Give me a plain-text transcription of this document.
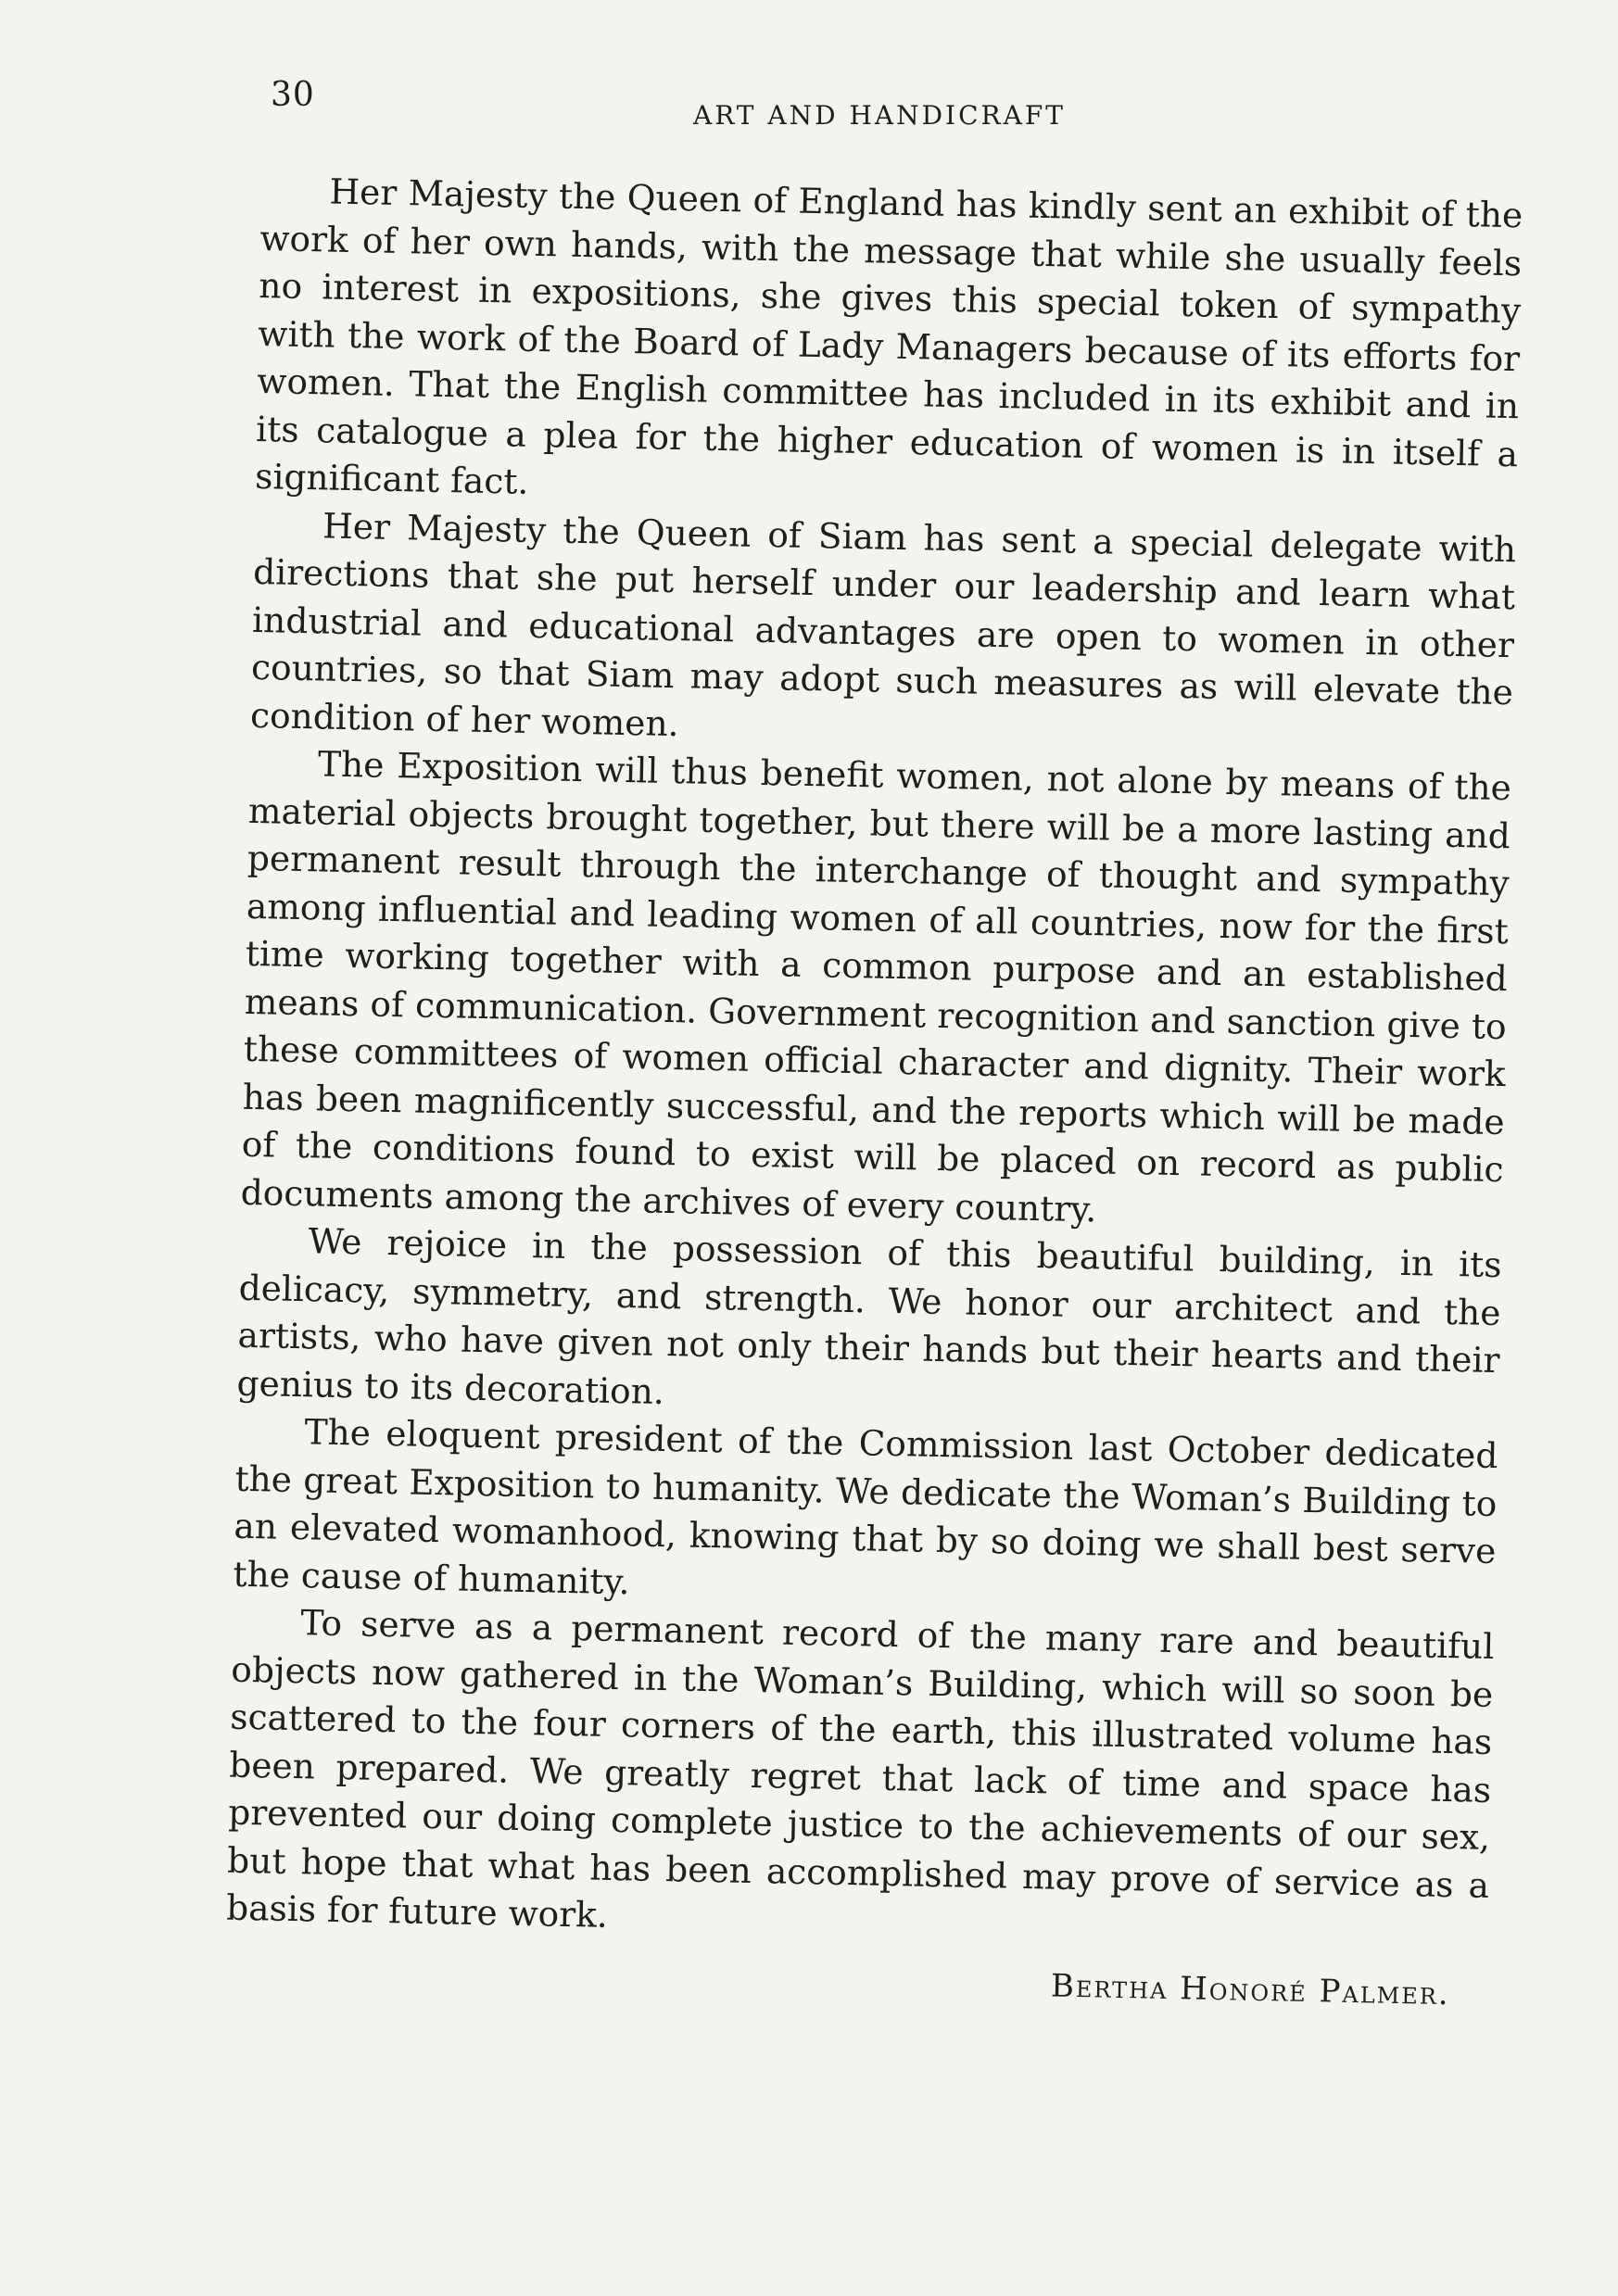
30
ART AND HANDICRAFT

Her Majesty the Queen of England has kindly sent an exhibit of the work of her own hands, with the message that while she usually feels no interest in expositions, she gives this special token of sympathy with the work of the Board of Lady Managers because of its efforts for women. That the English committee has included in its exhibit and in its catalogue a plea for the higher education of women is in itself a significant fact.

Her Majesty the Queen of Siam has sent a special delegate with directions that she put herself under our leadership and learn what industrial and educational advantages are open to women in other countries, so that Siam may adopt such measures as will elevate the condition of her women.

The Exposition will thus benefit women, not alone by means of the material objects brought together, but there will be a more lasting and permanent result through the interchange of thought and sympathy among influential and leading women of all countries, now for the first time working together with a common purpose and an established means of communication. Government recognition and sanction give to these committees of women official character and dignity. Their work has been magnificently successful, and the reports which will be made of the conditions found to exist will be placed on record as public documents among the archives of every country.

We rejoice in the possession of this beautiful building, in its delicacy, symmetry, and strength. We honor our architect and the artists, who have given not only their hands but their hearts and their genius to its decoration.

The eloquent president of the Commission last October dedicated the great Exposition to humanity. We dedicate the Woman’s Building to an elevated womanhood, knowing that by so doing we shall best serve the cause of humanity.

To serve as a permanent record of the many rare and beautiful objects now gathered in the Woman’s Building, which will so soon be scattered to the four corners of the earth, this illustrated volume has been prepared. We greatly regret that lack of time and space has prevented our doing complete justice to the achievements of our sex, but hope that what has been accomplished may prove of service as a basis for future work.

Bertha Honoré Palmer.
